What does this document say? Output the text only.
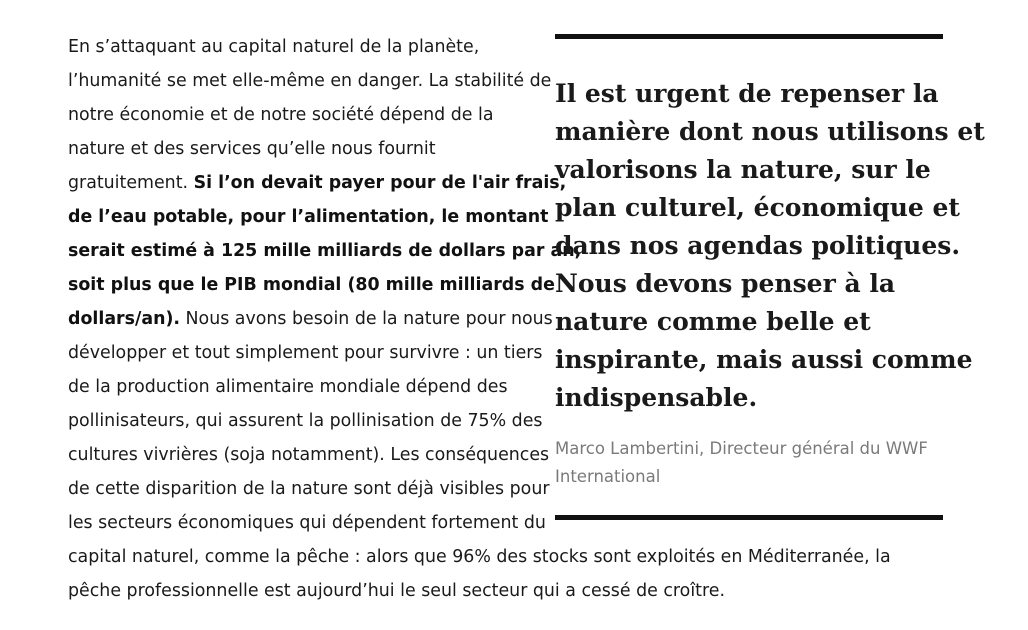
En s’attaquant au capital naturel de la planète,
l’humanité se met elle-même en danger. La stabilité de
notre économie et de notre société dépend de la
nature et des services qu’elle nous fournit
gratuitement. Si l’on devait payer pour de l'air frais,
de l’eau potable, pour l’alimentation, le montant
serait estimé à 125 mille milliards de dollars par an,
soit plus que le PIB mondial (80 mille milliards de
dollars/an). Nous avons besoin de la nature pour nous
développer et tout simplement pour survivre : un tiers
de la production alimentaire mondiale dépend des
pollinisateurs, qui assurent la pollinisation de 75% des
cultures vivrières (soja notamment). Les conséquences
de cette disparition de la nature sont déjà visibles pour
les secteurs économiques qui dépendent fortement du
capital naturel, comme la pêche : alors que 96% des stocks sont exploités en Méditerranée, la
pêche professionnelle est aujourd’hui le seul secteur qui a cessé de croître.

Il est urgent de repenser la
manière dont nous utilisons et
valorisons la nature, sur le
plan culturel, économique et
dans nos agendas politiques.
Nous devons penser à la
nature comme belle et
inspirante, mais aussi comme
indispensable.
Marco Lambertini, Directeur général du WWF
International
